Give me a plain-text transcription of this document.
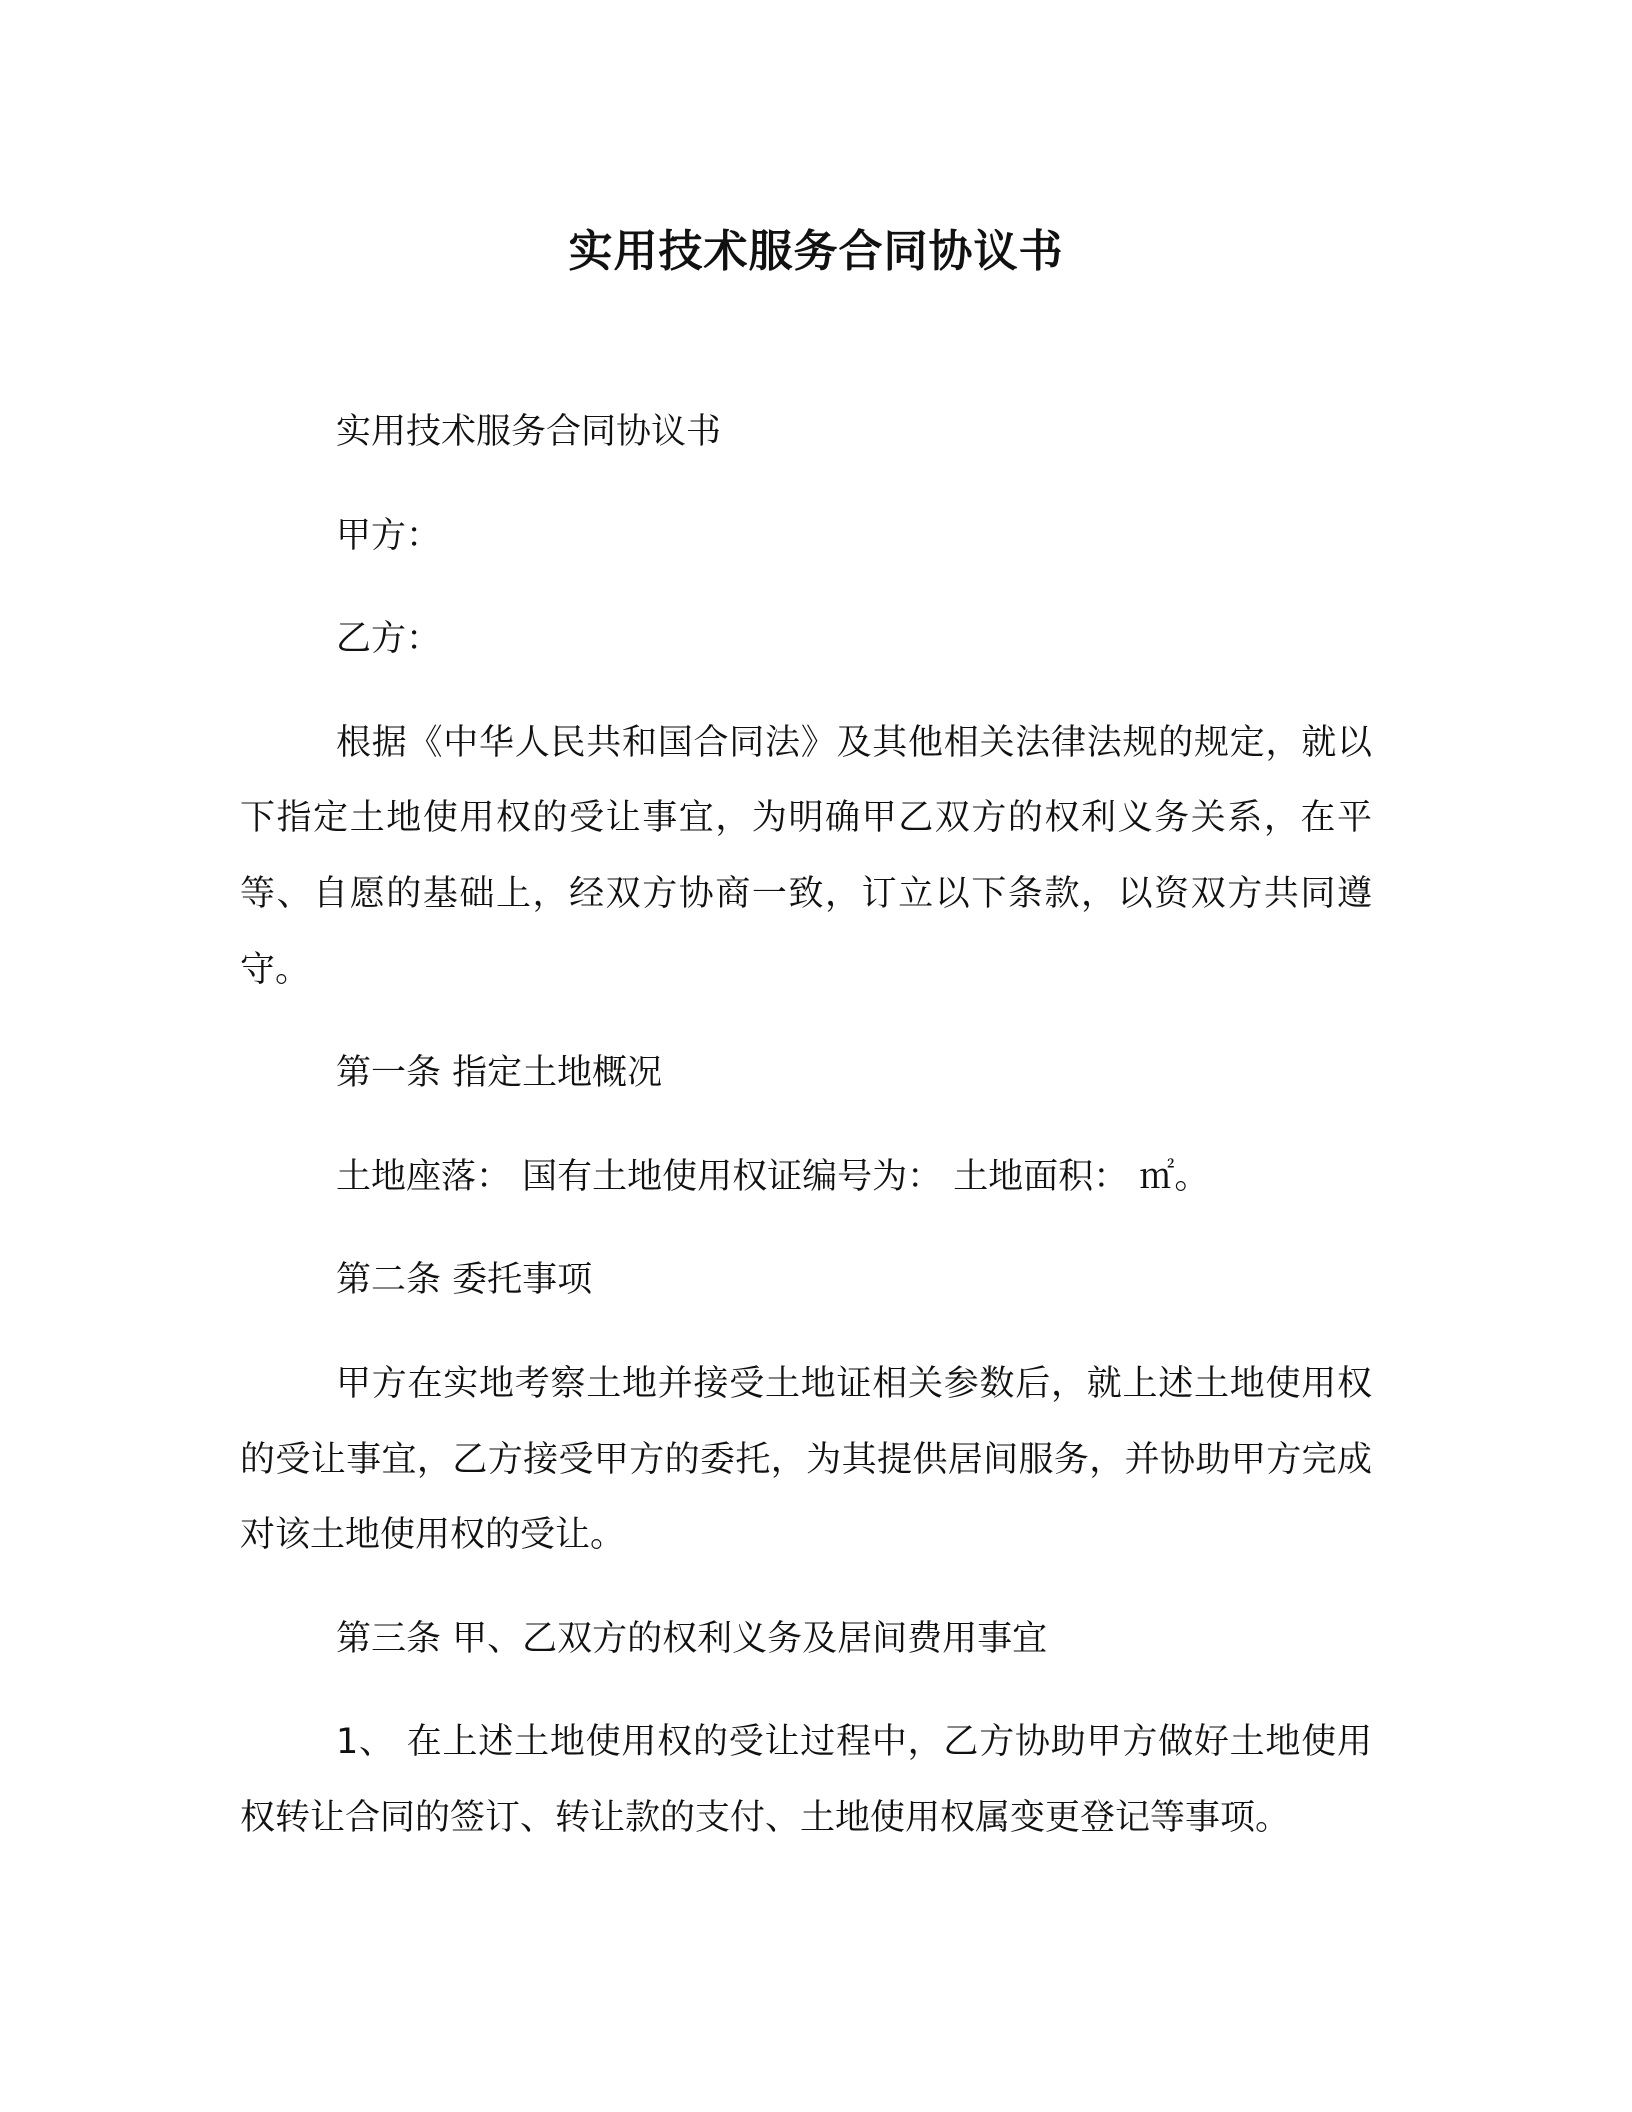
实用技术服务合同协议书

实用技术服务合同协议书

甲方：

乙方：

根据《中华人民共和国合同法》及其他相关法律法规的规定，就以下指定土地使用权的受让事宜，为明确甲乙双方的权利义务关系，在平等、自愿的基础上，经双方协商一致，订立以下条款，以资双方共同遵守。

第一条 指定土地概况

土地座落： 国有土地使用权证编号为： 土地面积： ㎡。

第二条 委托事项

甲方在实地考察土地并接受土地证相关参数后，就上述土地使用权的受让事宜，乙方接受甲方的委托，为其提供居间服务，并协助甲方完成对该土地使用权的受让。

第三条 甲、乙双方的权利义务及居间费用事宜

1、 在上述土地使用权的受让过程中，乙方协助甲方做好土地使用权转让合同的签订、转让款的支付、土地使用权属变更登记等事项。
